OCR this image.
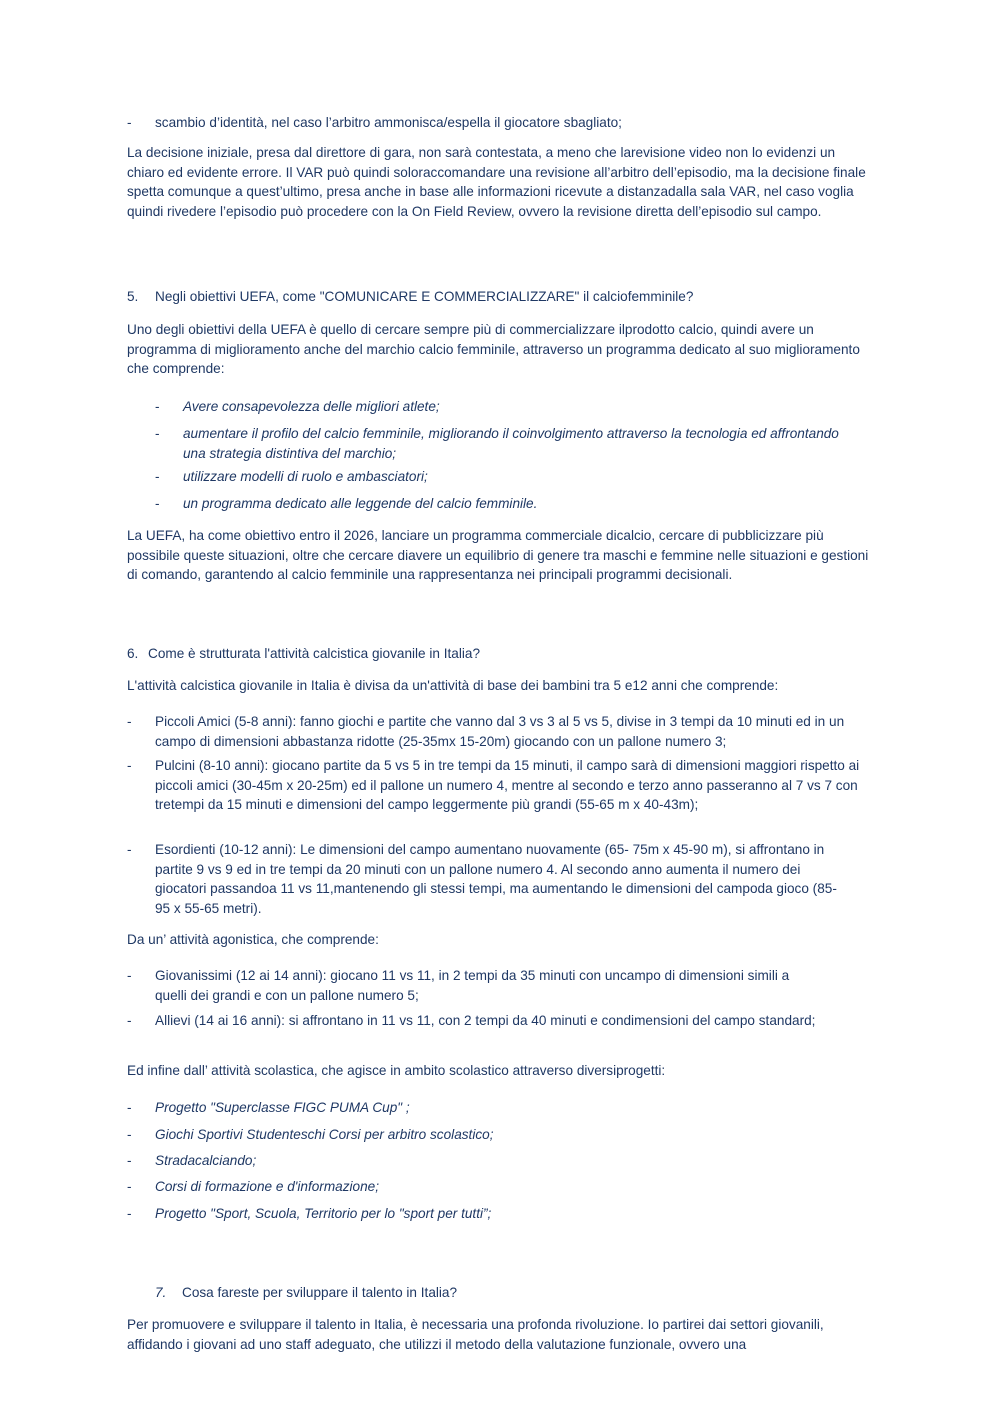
- scambio d’identità, nel caso l’arbitro ammonisca/espella il giocatore sbagliato;

La decisione iniziale, presa dal direttore di gara, non sarà contestata, a meno che larevisione video non lo evidenzi un chiaro ed evidente errore. Il VAR può quindi soloraccomandare una revisione all’arbitro dell’episodio, ma la decisione finale spetta comunque a quest’ultimo, presa anche in base alle informazioni ricevute a distanzadalla sala VAR, nel caso voglia quindi rivedere l’episodio può procedere con la On Field Review, ovvero la revisione diretta dell’episodio sul campo.

5. Negli obiettivi UEFA, come "COMUNICARE E COMMERCIALIZZARE" il calciofemminile?

Uno degli obiettivi della UEFA è quello di cercare sempre più di commercializzare ilprodotto calcio, quindi avere un programma di miglioramento anche del marchio calcio femminile, attraverso un programma dedicato al suo miglioramento che comprende:

- Avere consapevolezza delle migliori atlete;

- aumentare il profilo del calcio femminile, migliorando il coinvolgimento attraverso la tecnologia ed affrontando una strategia distintiva del marchio;

- utilizzare modelli di ruolo e ambasciatori;

- un programma dedicato alle leggende del calcio femminile.

La UEFA, ha come obiettivo entro il 2026, lanciare un programma commerciale dicalcio, cercare di pubblicizzare più possibile queste situazioni, oltre che cercare diavere un equilibrio di genere tra maschi e femmine nelle situazioni e gestioni di comando, garantendo al calcio femminile una rappresentanza nei principali programmi decisionali.

6. Come è strutturata l'attività calcistica giovanile in Italia?

L'attività calcistica giovanile in Italia è divisa da un'attività di base dei bambini tra 5 e12 anni che comprende:

- Piccoli Amici (5-8 anni): fanno giochi e partite che vanno dal 3 vs 3 al 5 vs 5, divise in 3 tempi da 10 minuti ed in un campo di dimensioni abbastanza ridotte (25-35mx 15-20m) giocando con un pallone numero 3;

- Pulcini (8-10 anni): giocano partite da 5 vs 5 in tre tempi da 15 minuti, il campo sarà di dimensioni maggiori rispetto ai piccoli amici (30-45m x 20-25m) ed il pallone un numero 4, mentre al secondo e terzo anno passeranno al 7 vs 7 con tretempi da 15 minuti e dimensioni del campo leggermente più grandi (55-65 m x 40-43m);

- Esordienti (10-12 anni): Le dimensioni del campo aumentano nuovamente (65- 75m x 45-90 m), si affrontano in partite 9 vs 9 ed in tre tempi da 20 minuti con un pallone numero 4. Al secondo anno aumenta il numero dei giocatori passandoa 11 vs 11,mantenendo gli stessi tempi, ma aumentando le dimensioni del campoda gioco (85-95 x 55-65 metri).

Da un’ attività agonistica, che comprende:

- Giovanissimi (12 ai 14 anni): giocano 11 vs 11, in 2 tempi da 35 minuti con uncampo di dimensioni simili a quelli dei grandi e con un pallone numero 5;

- Allievi (14 ai 16 anni): si affrontano in 11 vs 11, con 2 tempi da 40 minuti e condimensioni del campo standard;

Ed infine dall’ attività scolastica, che agisce in ambito scolastico attraverso diversiprogetti:

- Progetto "Superclasse FIGC PUMA Cup" ;

- Giochi Sportivi Studenteschi Corsi per arbitro scolastico;

- Stradacalciando;

- Corsi di formazione e d'informazione;

- Progetto "Sport, Scuola, Territorio per lo "sport per tutti”;

7. Cosa fareste per sviluppare il talento in Italia?

Per promuovere e sviluppare il talento in Italia, è necessaria una profonda rivoluzione. Io partirei dai settori giovanili, affidando i giovani ad uno staff adeguato, che utilizzi il metodo della valutazione funzionale, ovvero una
